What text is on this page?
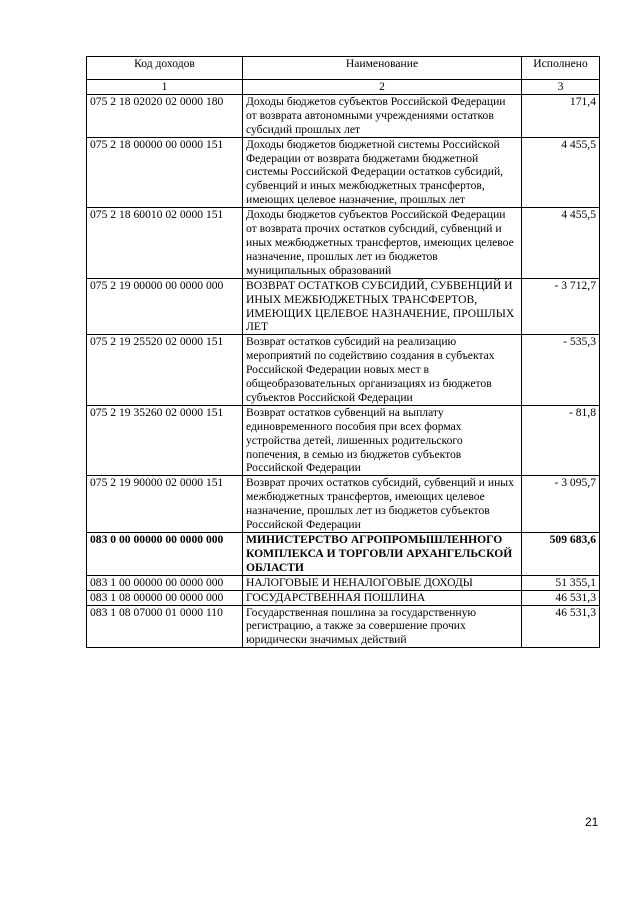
Код доходов	Наименование	Исполнено
1	2	3
075 2 18 02020 02 0000 180	Доходы бюджетов субъектов Российской Федерации от возврата автономными учреждениями остатков субсидий прошлых лет	171,4
075 2 18 00000 00 0000 151	Доходы бюджетов бюджетной системы Российской Федерации от возврата бюджетами бюджетной системы Российской Федерации остатков субсидий, субвенций и иных межбюджетных трансфертов, имеющих целевое назначение, прошлых лет	4 455,5
075 2 18 60010 02 0000 151	Доходы бюджетов субъектов Российской Федерации от возврата прочих остатков субсидий, субвенций и иных межбюджетных трансфертов, имеющих целевое назначение, прошлых лет из бюджетов муниципальных образований	4 455,5
075 2 19 00000 00 0000 000	ВОЗВРАТ ОСТАТКОВ СУБСИДИЙ, СУБВЕНЦИЙ И ИНЫХ МЕЖБЮДЖЕТНЫХ ТРАНСФЕРТОВ, ИМЕЮЩИХ ЦЕЛЕВОЕ НАЗНАЧЕНИЕ, ПРОШЛЫХ ЛЕТ	- 3 712,7
075 2 19 25520 02 0000 151	Возврат остатков субсидий на реализацию мероприятий по содействию создания в субъектах Российской Федерации новых мест в общеобразовательных организациях из бюджетов субъектов Российской Федерации	- 535,3
075 2 19 35260 02 0000 151	Возврат остатков субвенций на выплату единовременного пособия при всех формах устройства детей, лишенных родительского попечения, в семью из бюджетов субъектов Российской Федерации	- 81,8
075 2 19 90000 02 0000 151	Возврат прочих остатков субсидий, субвенций и иных межбюджетных трансфертов, имеющих целевое назначение, прошлых лет из бюджетов субъектов Российской Федерации	- 3 095,7
083 0 00 00000 00 0000 000	МИНИСТЕРСТВО АГРОПРОМЫШЛЕННОГО КОМПЛЕКСА И ТОРГОВЛИ АРХАНГЕЛЬСКОЙ ОБЛАСТИ	509 683,6
083 1 00 00000 00 0000 000	НАЛОГОВЫЕ И НЕНАЛОГОВЫЕ ДОХОДЫ	51 355,1
083 1 08 00000 00 0000 000	ГОСУДАРСТВЕННАЯ ПОШЛИНА	46 531,3
083 1 08 07000 01 0000 110	Государственная пошлина за государственную регистрацию, а также за совершение прочих юридически значимых действий	46 531,3
21
